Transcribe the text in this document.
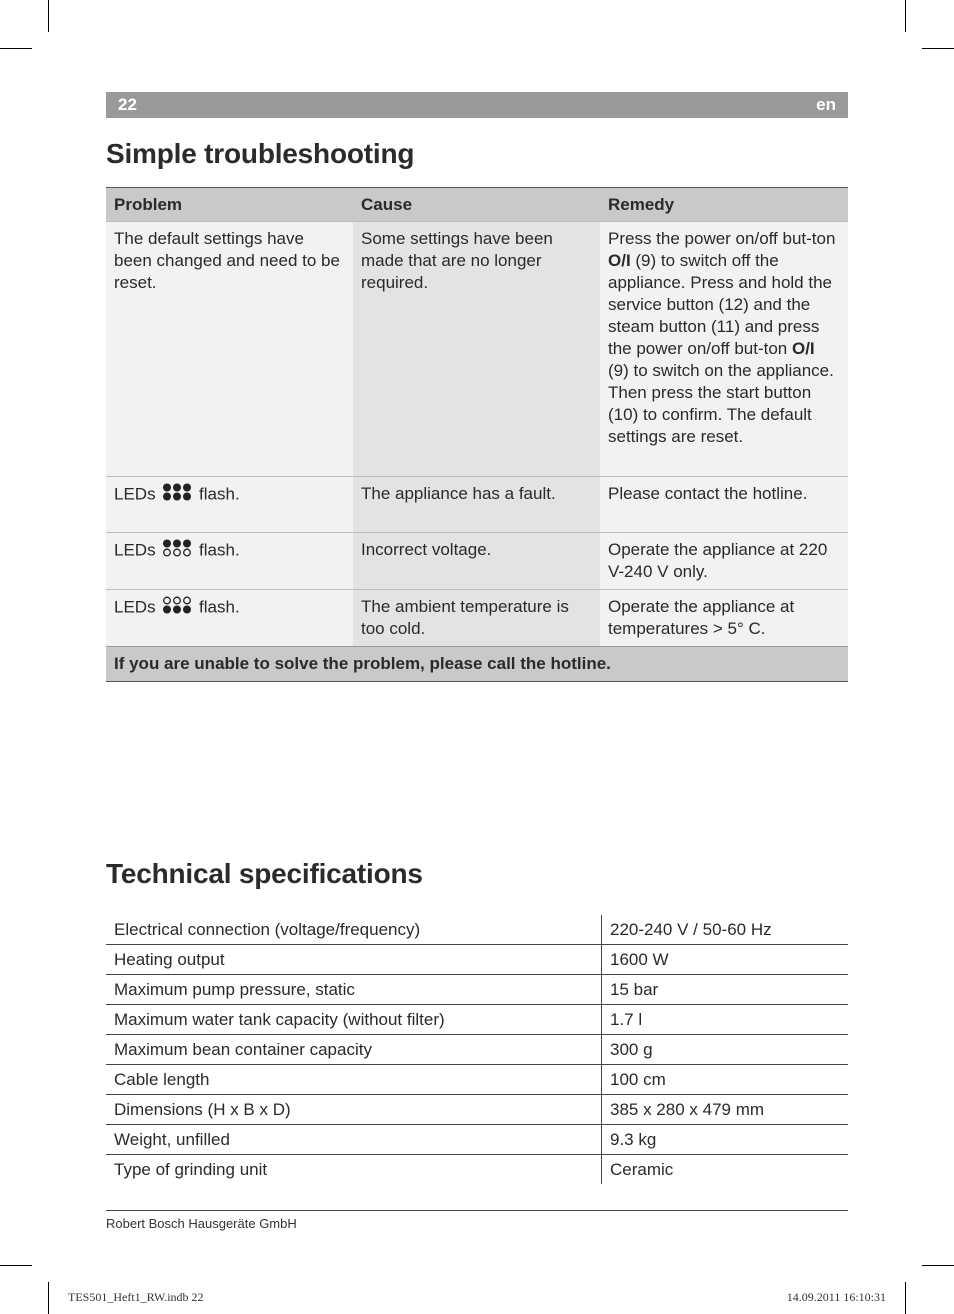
22	en
Simple troubleshooting
Problem	Cause	Remedy
The default settings have been changed and need to be reset.	Some settings have been made that are no longer required.	Press the power on/off but-ton O/I (9) to switch off the appliance. Press and hold the service button (12) and the steam button (11) and press the power on/off but-ton O/I (9) to switch on the appliance. Then press the start button (10) to confirm. The default settings are reset.
LEDs flash.	The appliance has a fault.	Please contact the hotline.
LEDs flash.	Incorrect voltage.	Operate the appliance at 220 V-240 V only.
LEDs flash.	The ambient temperature is too cold.	Operate the appliance at temperatures > 5° C.
If you are unable to solve the problem, please call the hotline.		
Technical specifications
Electrical connection (voltage/frequency)	220-240 V / 50-60 Hz
Heating output	1600 W
Maximum pump pressure, static	15 bar
Maximum water tank capacity (without filter)	1.7 l
Maximum bean container capacity	300 g
Cable length	100 cm
Dimensions (H x B x D)	385 x 280 x 479 mm
Weight, unfilled	9.3 kg
Type of grinding unit	Ceramic
Robert Bosch Hausgeräte GmbH
TES501_Heft1_RW.indb 22	14.09.2011 16:10:31
